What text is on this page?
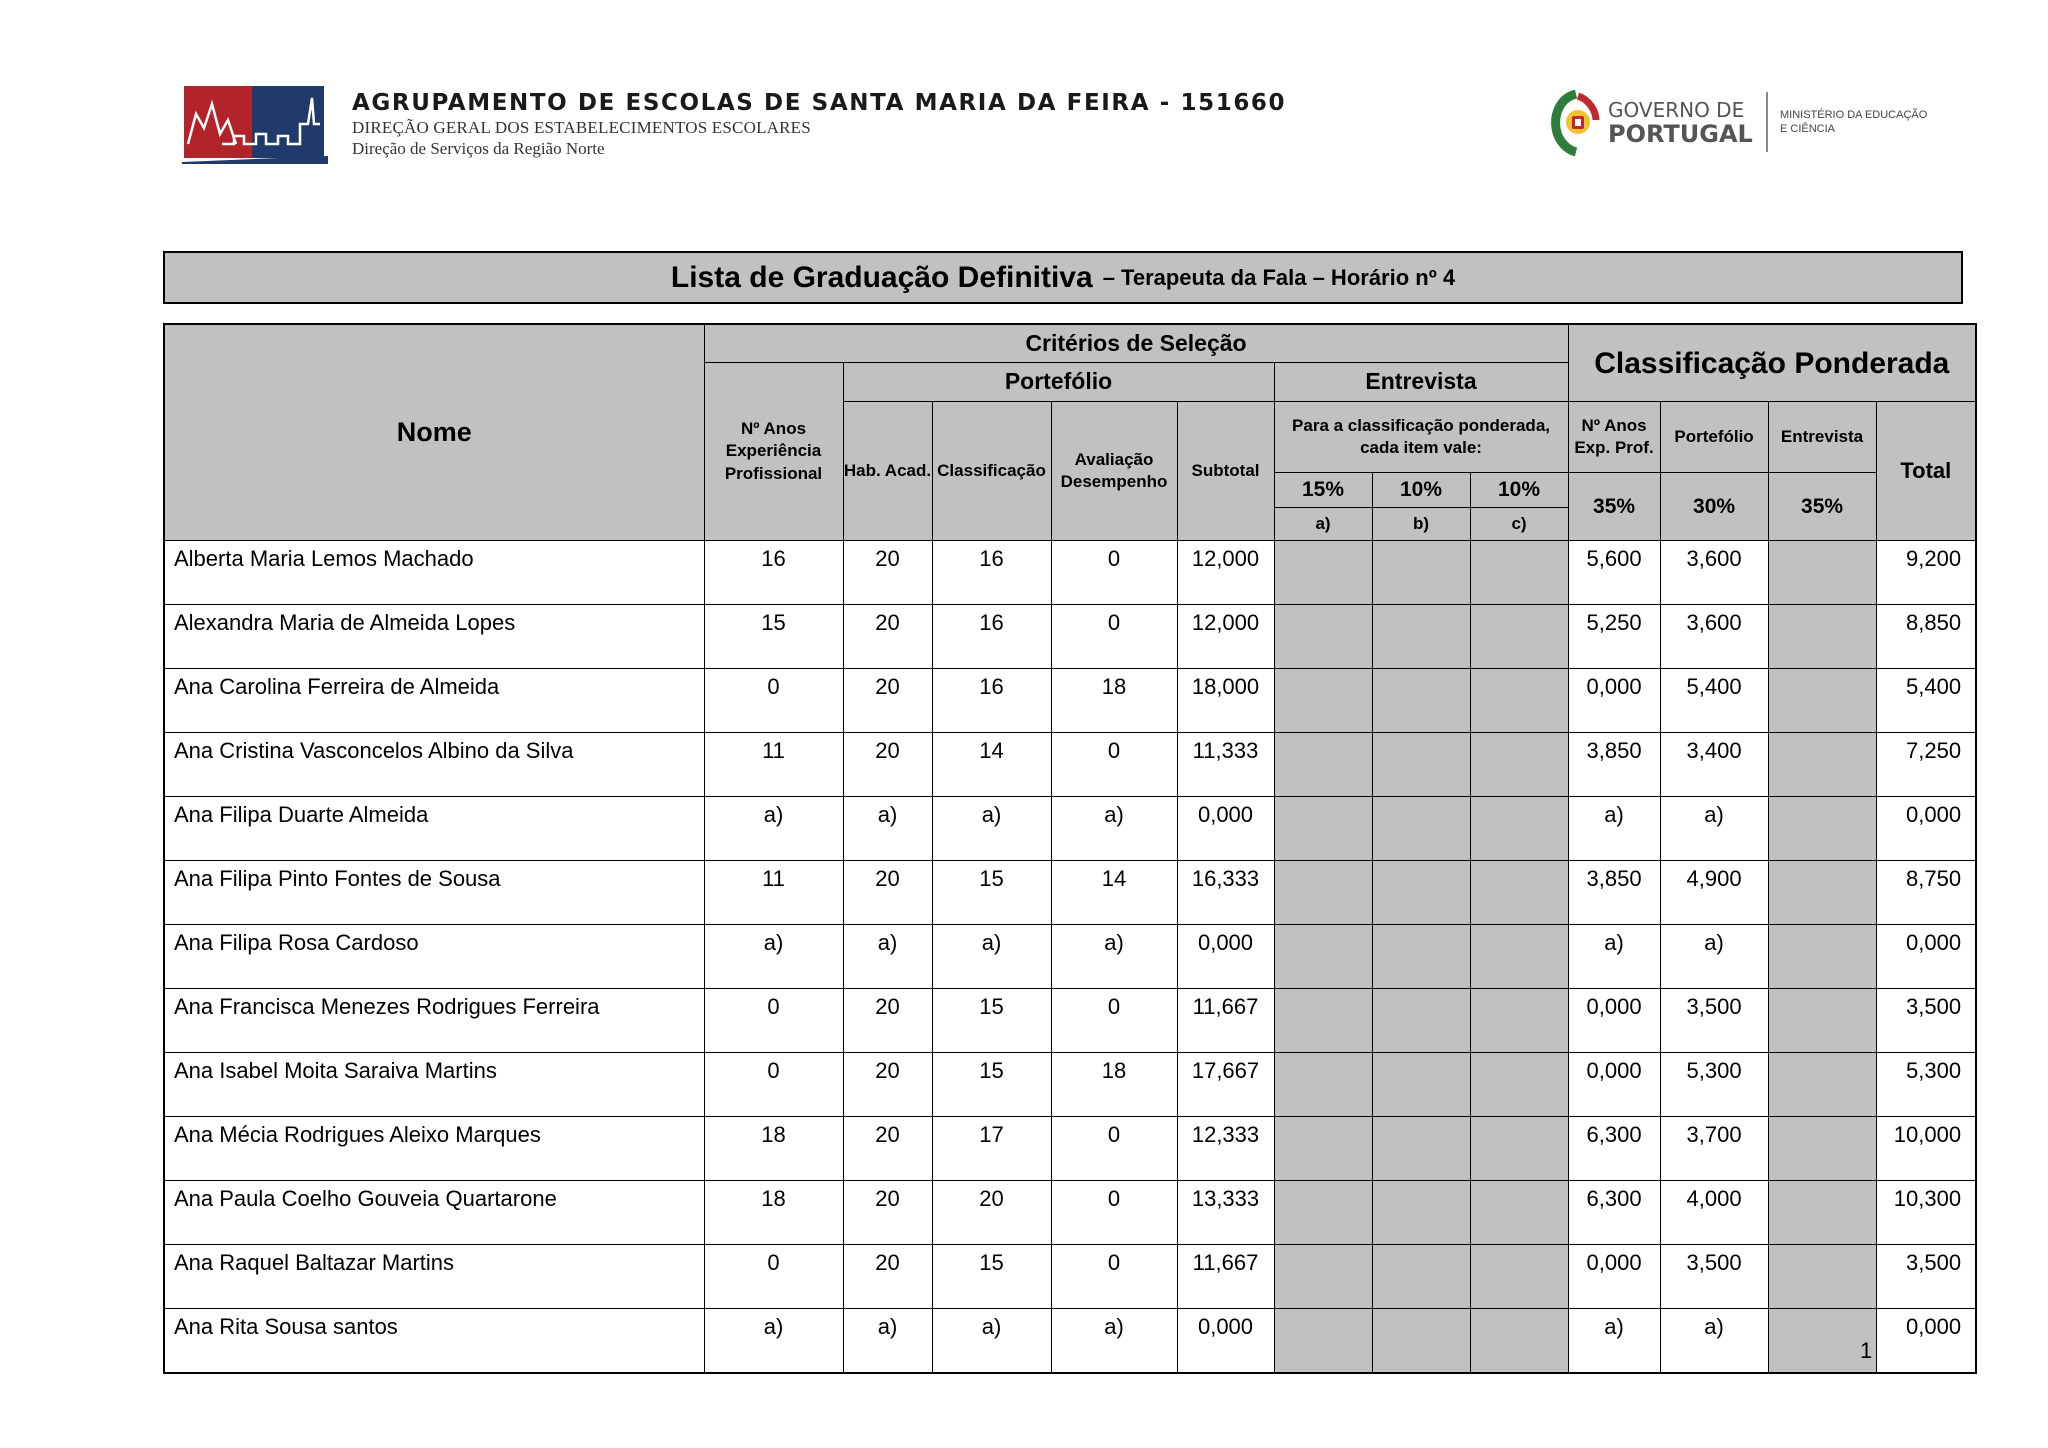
AGRUPAMENTO DE ESCOLAS DE SANTA MARIA DA FEIRA - 151660
DIREÇÃO GERAL DOS ESTABELECIMENTOS ESCOLARES
Direção de Serviços da Região Norte
GOVERNO DE
PORTUGAL
MINISTÉRIO DA EDUCAÇÃO
E CIÊNCIA
Lista de Graduação Definitiva – Terapeuta da Fala – Horário nº 4
Nome	Critérios de Seleção								Classificação Ponderada			
	Nº Anos Experiência Profissional	Portefólio				Entrevista						
		Hab. Acad.	Classificação	Avaliação Desempenho	Subtotal	Para a classificação ponderada, cada item vale:			Nº Anos Exp. Prof.	Portefólio	Entrevista	Total
						15%	10%	10%	35%	30%	35%	
						a)	b)	c)				
Alberta Maria Lemos Machado	16	20	16	0	12,000				5,600	3,600		9,200
Alexandra Maria de Almeida Lopes	15	20	16	0	12,000				5,250	3,600		8,850
Ana Carolina Ferreira de Almeida	0	20	16	18	18,000				0,000	5,400		5,400
Ana Cristina Vasconcelos Albino da Silva	11	20	14	0	11,333				3,850	3,400		7,250
Ana Filipa Duarte Almeida	a)	a)	a)	a)	0,000				a)	a)		0,000
Ana Filipa Pinto Fontes de Sousa	11	20	15	14	16,333				3,850	4,900		8,750
Ana Filipa Rosa Cardoso	a)	a)	a)	a)	0,000				a)	a)		0,000
Ana Francisca Menezes Rodrigues Ferreira	0	20	15	0	11,667				0,000	3,500		3,500
Ana Isabel Moita Saraiva Martins	0	20	15	18	17,667				0,000	5,300		5,300
Ana Mécia Rodrigues Aleixo Marques	18	20	17	0	12,333				6,300	3,700		10,000
Ana Paula Coelho Gouveia Quartarone	18	20	20	0	13,333				6,300	4,000		10,300
Ana Raquel Baltazar Martins	0	20	15	0	11,667				0,000	3,500		3,500
Ana Rita Sousa santos	a)	a)	a)	a)	0,000				a)	a)		0,000
1
